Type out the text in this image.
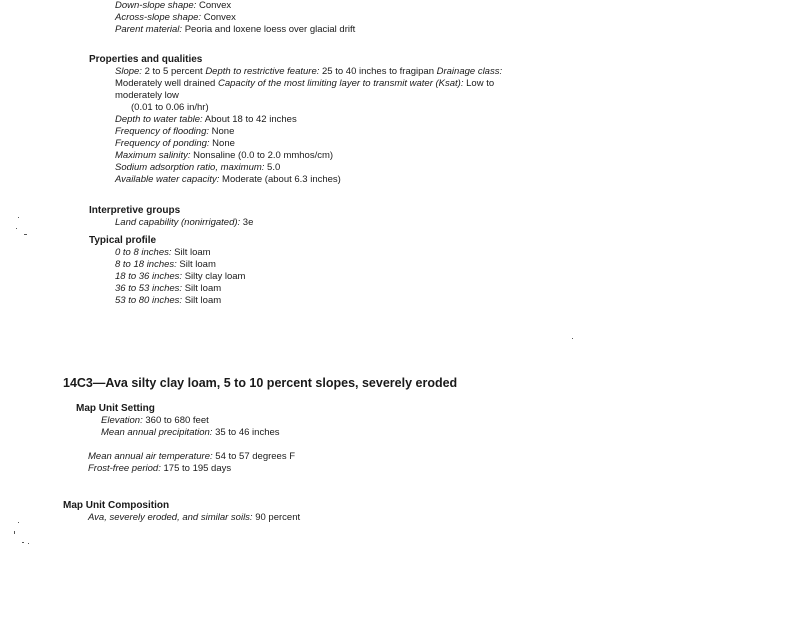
Down-slope shape: Convex
Across-slope shape: Convex
Parent material: Peoria and loxene loess over glacial drift
Properties and qualities
Slope: 2 to 5 percent Depth to restrictive feature: 25 to 40 inches to fragipan Drainage class:
Moderately well drained Capacity of the most limiting layer to transmit water (Ksat): Low to
moderately low
(0.01 to 0.06 in/hr)
Depth to water table: About 18 to 42 inches
Frequency of flooding: None
Frequency of ponding: None
Maximum salinity: Nonsaline (0.0 to 2.0 mmhos/cm)
Sodium adsorption ratio, maximum: 5.0
Available water capacity: Moderate (about 6.3 inches)
Interpretive groups
Land capability (nonirrigated): 3e
Typical profile
0 to 8 inches: Silt loam
8 to 18 inches: Silt loam
18 to 36 inches: Silty clay loam
36 to 53 inches: Silt loam
53 to 80 inches: Silt loam
14C3—Ava silty clay loam, 5 to 10 percent slopes, severely eroded
Map Unit Setting
Elevation: 360 to 680 feet
Mean annual precipitation: 35 to 46 inches
Mean annual air temperature: 54 to 57 degrees F
Frost-free period: 175 to 195 days
Map Unit Composition
Ava, severely eroded, and similar soils: 90 percent
